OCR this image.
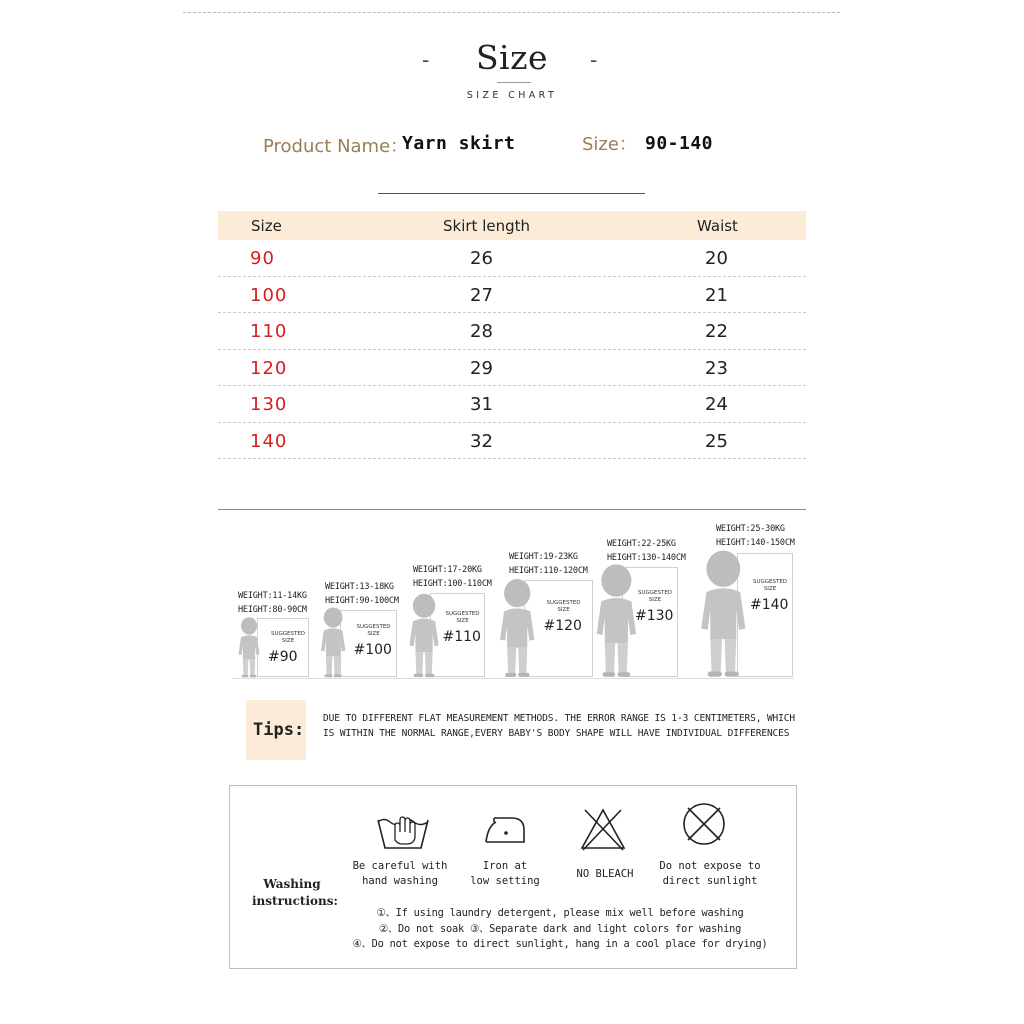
- Size -
SIZE CHART
Product Name：
Yarn skirt	Size： 90-140
Size	Skirt length	Waist
90	26	20
100	27	21
110	28	22
120	29	23
130	31	24
140	32	25
WEIGHT:11-14KG
HEIGHT:80-90CM
SUGGESTED SIZE
#90
WEIGHT:13-18KG
HEIGHT:90-100CM
SUGGESTED SIZE
#100
WEIGHT:17-20KG
HEIGHT:100-110CM
SUGGESTED SIZE
#110
WEIGHT:19-23KG
HEIGHT:110-120CM
SUGGESTED SIZE
#120
WEIGHT:22-25KG
HEIGHT:130-140CM
SUGGESTED SIZE
#130
WEIGHT:25-30KG
HEIGHT:140-150CM
SUGGESTED SIZE
#140
Tips:
DUE TO DIFFERENT FLAT MEASUREMENT METHODS. THE ERROR RANGE IS 1-3 CENTIMETERS, WHICH IS WITHIN THE NORMAL RANGE,EVERY BABY'S BODY SHAPE WILL HAVE INDIVIDUAL DIFFERENCES
Washing
instructions:
Be careful with
hand washing
Iron at
low setting
NO BLEACH
Do not expose to
direct sunlight
①、If using laundry detergent, please mix well before washing
②、Do not soak ③、Separate dark and light colors for washing
④、Do not expose to direct sunlight, hang in a cool place for drying)
